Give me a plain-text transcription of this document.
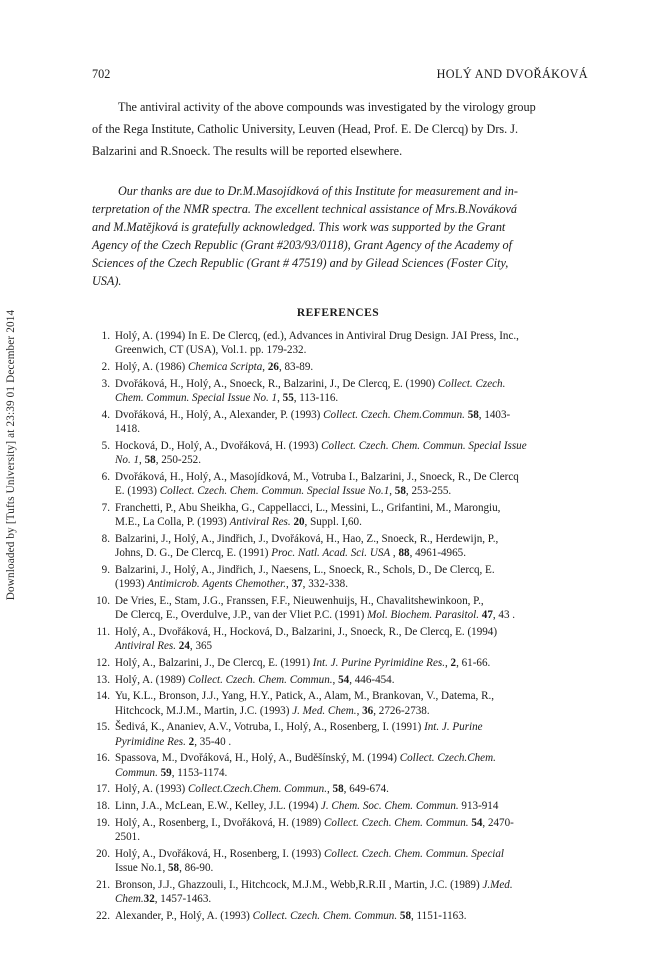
Downloaded by [Tufts University] at 23:39 01 December 2014
702	HOLÝ AND DVOŘÁKOVÁ
The antiviral activity of the above compounds was investigated by the virology group
of the Rega Institute, Catholic University, Leuven (Head, Prof. E. De Clercq) by Drs. J.
Balzarini and R.Snoeck. The results will be reported elsewhere.
Our thanks are due to Dr.M.Masojídková of this Institute for measurement and in-
terpretation of the NMR spectra. The excellent technical assistance of Mrs.B.Nováková
and M.Matějková is gratefully acknowledged. This work was supported by the Grant
Agency of the Czech Republic (Grant #203/93/0118), Grant Agency of the Academy of
Sciences of the Czech Republic (Grant # 47519) and by Gilead Sciences (Foster City,
USA).
REFERENCES
1. Holý, A. (1994) In E. De Clercq, (ed.), Advances in Antiviral Drug Design. JAI Press, Inc.,
Greenwich, CT (USA), Vol.1. pp. 179-232.
2. Holý, A. (1986) Chemica Scripta, 26, 83-89.
3. Dvořáková, H., Holý, A., Snoeck, R., Balzarini, J., De Clercq, E. (1990) Collect. Czech.
Chem. Commun. Special Issue No. 1, 55, 113-116.
4. Dvořáková, H., Holý, A., Alexander, P. (1993) Collect. Czech. Chem.Commun. 58, 1403-
1418.
5. Hocková, D., Holý, A., Dvořáková, H. (1993) Collect. Czech. Chem. Commun. Special Issue
No. 1, 58, 250-252.
6. Dvořáková, H., Holý, A., Masojídková, M., Votruba I., Balzarini, J., Snoeck, R., De Clercq
E. (1993) Collect. Czech. Chem. Commun. Special Issue No.1, 58, 253-255.
7. Franchetti, P., Abu Sheikha, G., Cappellacci, L., Messini, L., Grifantini, M., Marongiu,
M.E., La Colla, P. (1993) Antiviral Res. 20, Suppl. I,60.
8. Balzarini, J., Holý, A., Jindřich, J., Dvořáková, H., Hao, Z., Snoeck, R., Herdewijn, P.,
Johns, D. G., De Clercq, E. (1991) Proc. Natl. Acad. Sci. USA , 88, 4961-4965.
9. Balzarini, J., Holý, A., Jindřich, J., Naesens, L., Snoeck, R., Schols, D., De Clercq, E.
(1993) Antimicrob. Agents Chemother., 37, 332-338.
10. De Vries, E., Stam, J.G., Franssen, F.F., Nieuwenhuijs, H., Chavalitshewinkoon, P.,
De Clercq, E., Overdulve, J.P., van der Vliet P.C. (1991) Mol. Biochem. Parasitol. 47, 43 .
11. Holý, A., Dvořáková, H., Hocková, D., Balzarini, J., Snoeck, R., De Clercq, E. (1994)
Antiviral Res. 24, 365
12. Holý, A., Balzarini, J., De Clercq, E. (1991) Int. J. Purine Pyrimidine Res., 2, 61-66.
13. Holý, A. (1989) Collect. Czech. Chem. Commun., 54, 446-454.
14. Yu, K.L., Bronson, J.J., Yang, H.Y., Patick, A., Alam, M., Brankovan, V., Datema, R.,
Hitchcock, M.J.M., Martin, J.C. (1993) J. Med. Chem., 36, 2726-2738.
15. Šedivá, K., Ananiev, A.V., Votruba, I., Holý, A., Rosenberg, I. (1991) Int. J. Purine
Pyrimidine Res. 2, 35-40 .
16. Spassova, M., Dvořáková, H., Holý, A., Buděšínský, M. (1994) Collect. Czech.Chem.
Commun. 59, 1153-1174.
17. Holý, A. (1993) Collect.Czech.Chem. Commun., 58, 649-674.
18. Linn, J.A., McLean, E.W., Kelley, J.L. (1994) J. Chem. Soc. Chem. Commun. 913-914
19. Holý, A., Rosenberg, I., Dvořáková, H. (1989) Collect. Czech. Chem. Commun. 54, 2470-
2501.
20. Holý, A., Dvořáková, H., Rosenberg, I. (1993) Collect. Czech. Chem. Commun. Special
Issue No.1, 58, 86-90.
21. Bronson, J.J., Ghazzouli, I., Hitchcock, M.J.M., Webb,R.R.II , Martin, J.C. (1989) J.Med.
Chem.32, 1457-1463.
22. Alexander, P., Holý, A. (1993) Collect. Czech. Chem. Commun. 58, 1151-1163.
